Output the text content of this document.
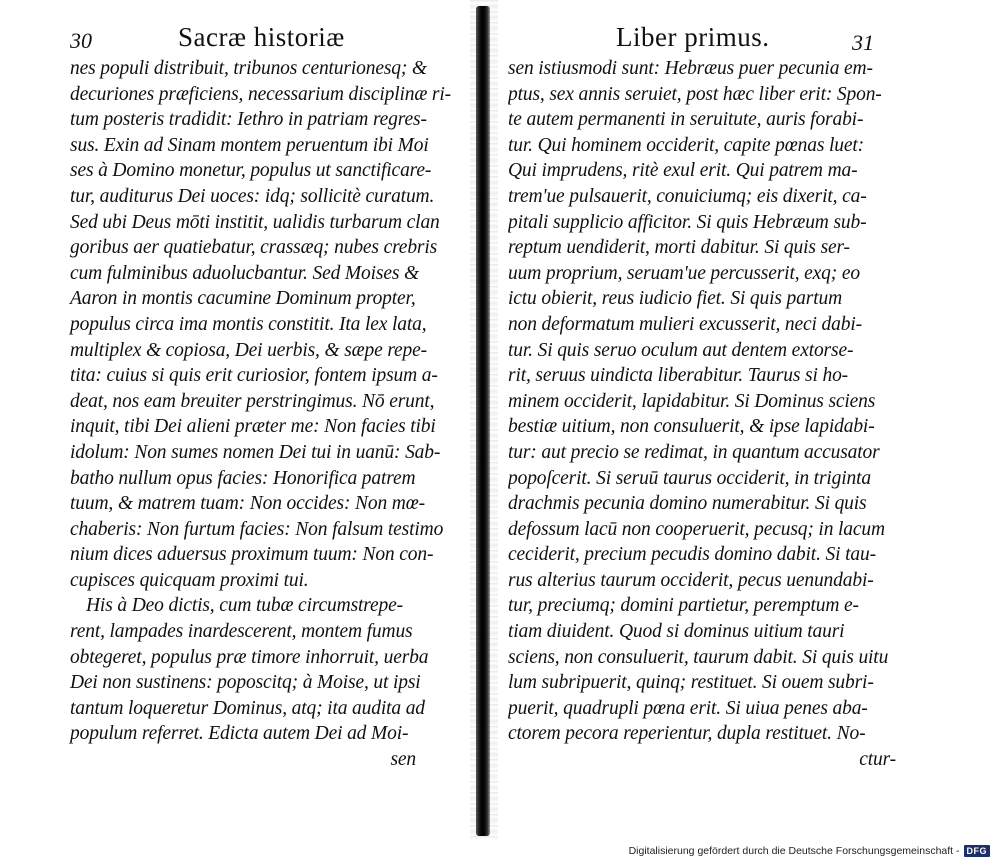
30	Sacræ historiæ
nes populi distribuit, tribunos centurionesq; &
decuriones præficiens, necessarium disciplinæ ri-
tum posteris tradidit: Iethro in patriam regres-
sus. Exin ad Sinam montem peruentum ibi Moi
ses à Domino monetur, populus ut sanctificare-
tur, auditurus Dei uoces: idq; sollicitè curatum.
Sed ubi Deus mōti institit, ualidis turbarum clan
goribus aer quatiebatur, crassæq; nubes crebris
cum fulminibus aduolucbantur. Sed Moises &
Aaron in montis cacumine Dominum propter,
populus circa ima montis constitit. Ita lex lata,
multiplex & copiosa, Dei uerbis, & sæpe repe-
tita: cuius si quis erit curiosior, fontem ipsum a-
deat, nos eam breuiter perstringimus. Nō erunt,
inquit, tibi Dei alieni præter me: Non facies tibi
idolum: Non sumes nomen Dei tui in uanū: Sab-
batho nullum opus facies: Honorifica patrem
tuum, & matrem tuam: Non occides: Non mœ-
chaberis: Non furtum facies: Non falsum testimo
nium dices aduersus proximum tuum: Non con-
cupisces quicquam proximi tui.
His à Deo dictis, cum tubæ circumstrepe-
rent, lampades inardescerent, montem fumus
obtegeret, populus præ timore inhorruit, uerba
Dei non sustinens: poposcitq; à Moise, ut ipsi
tantum loqueretur Dominus, atq; ita audita ad
populum referret. Edicta autem Dei ad Moi-
sen
Liber primus.	31
sen istiusmodi sunt: Hebræus puer pecunia em-
ptus, sex annis seruiet, post hæc liber erit: Spon-
te autem permanenti in seruitute, auris forabi-
tur. Qui hominem occiderit, capite pœnas luet:
Qui imprudens, ritè exul erit. Qui patrem ma-
trem'ue pulsauerit, conuiciumq; eis dixerit, ca-
pitali supplicio afficitor. Si quis Hebræum sub-
reptum uendiderit, morti dabitur. Si quis ser-
uum proprium, seruam'ue percusserit, exq; eo
ictu obierit, reus iudicio fiet. Si quis partum
non deformatum mulieri excusserit, neci dabi-
tur. Si quis seruo oculum aut dentem extorse-
rit, seruus uindicta liberabitur. Taurus si ho-
minem occiderit, lapidabitur. Si Dominus sciens
bestiæ uitium, non consuluerit, & ipse lapidabi-
tur: aut precio se redimat, in quantum accusator
popoſcerit. Si seruū taurus occiderit, in triginta
drachmis pecunia domino numerabitur. Si quis
defossum lacū non cooperuerit, pecusq; in lacum
ceciderit, precium pecudis domino dabit. Si tau-
rus alterius taurum occiderit, pecus uenundabi-
tur, preciumq; domini partietur, peremptum e-
tiam diuident. Quod si dominus uitium tauri
sciens, non consuluerit, taurum dabit. Si quis uitu
lum subripuerit, quinq; restituet. Si ouem subri-
puerit, quadrupli pœna erit. Si uiua penes aba-
ctorem pecora reperientur, dupla restituet. No-
ctur-
Digitalisierung gefördert durch die Deutsche Forschungsgemeinschaft - DFG
